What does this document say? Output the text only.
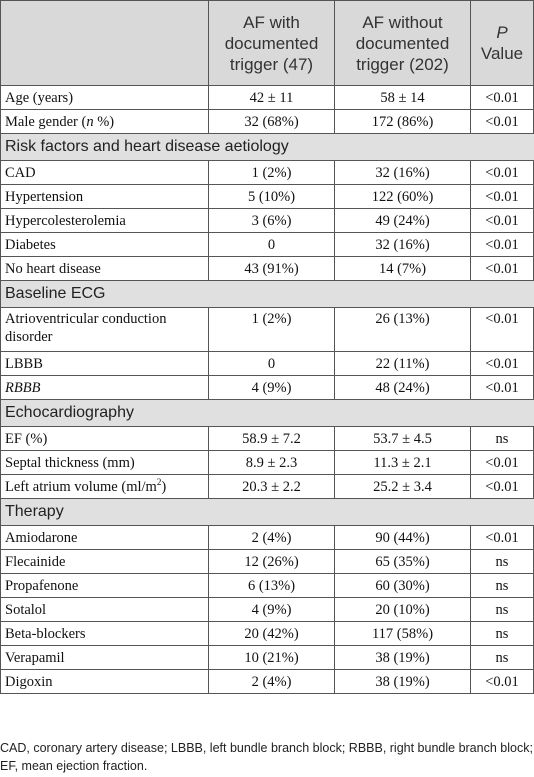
	AF with documented trigger (47)	AF without documented trigger (202)	P
Value
Age (years)	42 ± 11	58 ± 14	<0.01
Male gender (n %)	32 (68%)	172 (86%)	<0.01
Risk factors and heart disease aetiology			
CAD	1 (2%)	32 (16%)	<0.01
Hypertension	5 (10%)	122 (60%)	<0.01
Hypercolesterolemia	3 (6%)	49 (24%)	<0.01
Diabetes	0	32 (16%)	<0.01
No heart disease	43 (91%)	14 (7%)	<0.01
Baseline ECG			
Atrioventricular conduction disorder	1 (2%)	26 (13%)	<0.01
LBBB	0	22 (11%)	<0.01
RBBB	4 (9%)	48 (24%)	<0.01
Echocardiography			
EF (%)	58.9 ± 7.2	53.7 ± 4.5	ns
Septal thickness (mm)	8.9 ± 2.3	11.3 ± 2.1	<0.01
Left atrium volume $(ml/m^2)$	20.3 ± 2.2	25.2 ± 3.4	<0.01
Therapy			
Amiodarone	2 (4%)	90 (44%)	<0.01
Flecainide	12 (26%)	65 (35%)	ns
Propafenone	6 (13%)	60 (30%)	ns
Sotalol	4 (9%)	20 (10%)	ns
Beta-blockers	20 (42%)	117 (58%)	ns
Verapamil	10 (21%)	38 (19%)	ns
Digoxin	2 (4%)	38 (19%)	<0.01
CAD, coronary artery disease; LBBB, left bundle branch block; RBBB, right bundle branch block; EF, mean ejection fraction.
